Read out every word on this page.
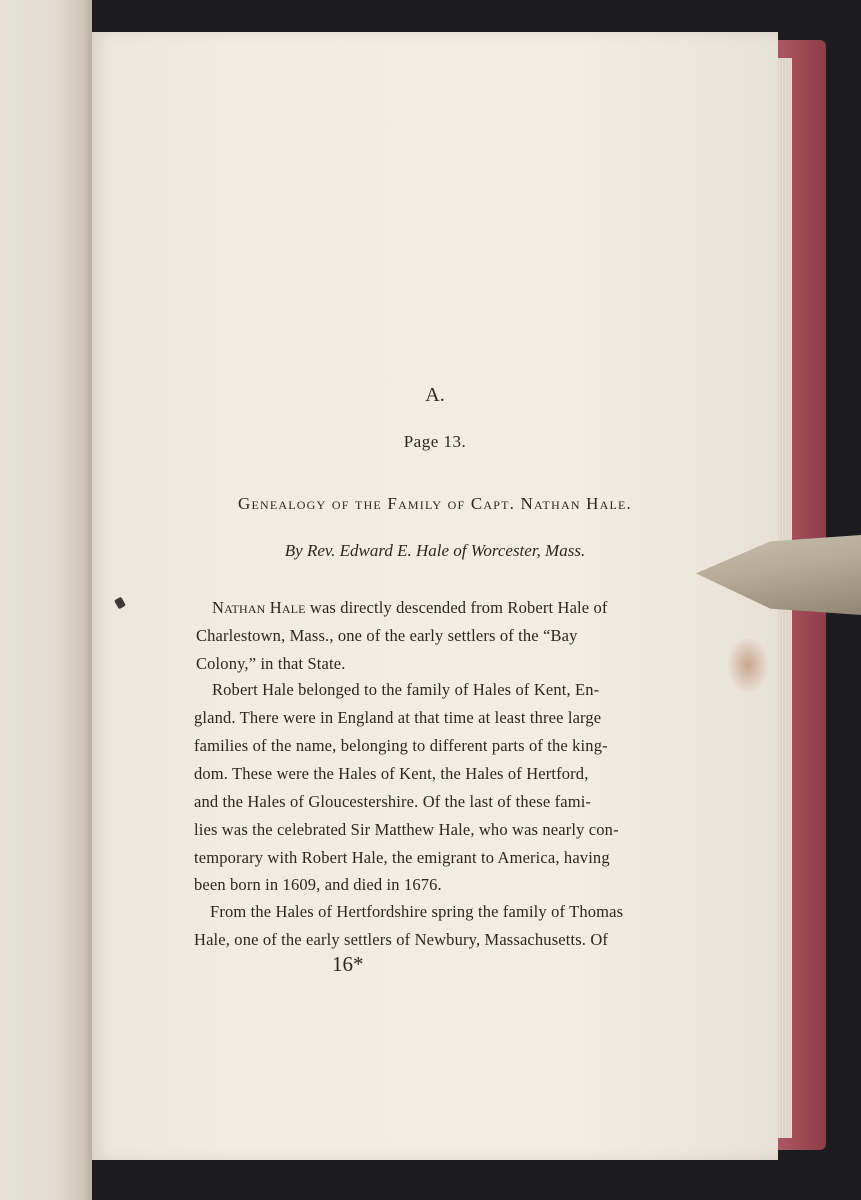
A.
Page 13.
Genealogy of the Family of Capt. Nathan Hale.
By Rev. Edward E. Hale of Worcester, Mass.
Nathan Hale was directly descended from Robert Hale of
Charlestown, Mass., one of the early settlers of the “Bay
Colony,” in that State.
Robert Hale belonged to the family of Hales of Kent, En-
gland. There were in England at that time at least three large
families of the name, belonging to different parts of the king-
dom. These were the Hales of Kent, the Hales of Hertford,
and the Hales of Gloucestershire. Of the last of these fami-
lies was the celebrated Sir Matthew Hale, who was nearly con-
temporary with Robert Hale, the emigrant to America, having
been born in 1609, and died in 1676.
From the Hales of Hertfordshire spring the family of Thomas
Hale, one of the early settlers of Newbury, Massachusetts. Of
16*
